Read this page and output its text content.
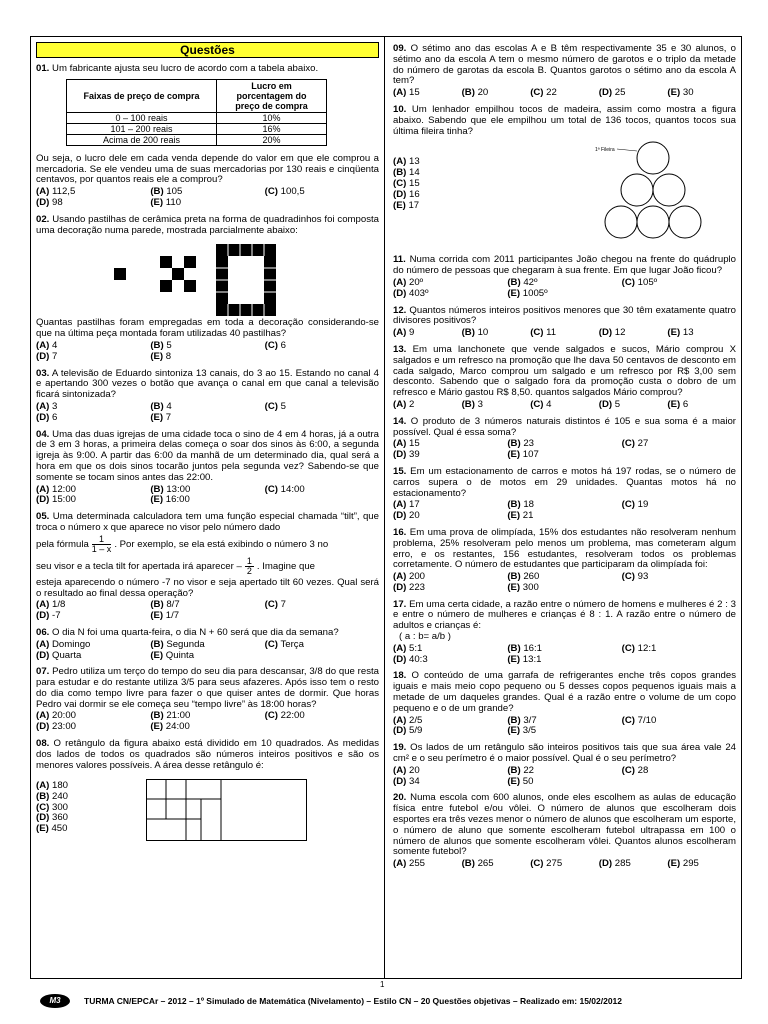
Questões
01. Um fabricante ajusta seu lucro de acordo com a tabela abaixo.
Faixas de preço de compra	Lucro em porcentagem do preço de compra
0 – 100 reais	10%
101 – 200 reais	16%
Acima de 200 reais	20%
Ou seja, o lucro dele em cada venda depende do valor em que ele comprou a mercadoria. Se ele vendeu uma de suas mercadorias por 130 reais e cinqüenta centavos, por quantos reais ele a comprou?
(A) 112,5	(B) 105	(C) 100,5
(D) 98	(E) 110
02. Usando pastilhas de cerâmica preta na forma de quadradinhos foi composta uma decoração numa parede, mostrada parcialmente abaixo:
Quantas pastilhas foram empregadas em toda a decoração considerando-se que na última peça montada foram utilizadas 40 pastilhas?
(A) 4	(B) 5	(C) 6
(D) 7	(E) 8
03. A televisão de Eduardo sintoniza 13 canais, do 3 ao 15. Estando no canal 4 e apertando 300 vezes o botão que avança o canal em que canal a televisão ficará sintonizada?
(A) 3	(B) 4	(C) 5
(D) 6	(E) 7
04. Uma das duas igrejas de uma cidade toca o sino de 4 em 4 horas, já a outra de 3 em 3 horas, a primeira delas começa o soar dos sinos às 6:00, a segunda igreja às 9:00. A partir das 6:00 da manhã de um determinado dia, qual será a hora em que os dois sinos tocarão juntos pela segunda vez? Sabendo-se que somente se tocam sinos antes das 22:00.
(A) 12:00	(B) 13:00	(C) 14:00
(D) 15:00	(E) 16:00
05. Uma determinada calculadora tem uma função especial chamada “tilt”, que troca o número x que aparece no visor pelo número dado
pela fórmula $\frac{1}{1 - x}$ . Por exemplo, se ela está exibindo o número 3 no
seu visor e a tecla tilt for apertada irá aparecer – $\frac{1}{2}$ . Imagine que
esteja aparecendo o número -7 no visor e seja apertado tilt 60 vezes. Qual será o resultado ao final dessa operação?
(A) 1/8	(B) 8/7	(C) 7
(D) -7	(E) 1/7
06. O dia N foi uma quarta-feira, o dia N + 60 será que dia da semana?
(A) Domingo	(B) Segunda	(C) Terça
(D) Quarta	(E) Quinta
07. Pedro utiliza um terço do tempo do seu dia para descansar, 3/8 do que resta para estudar e do restante utiliza 3/5 para seus afazeres. Após isso tem o resto do dia como tempo livre para fazer o que quiser antes de dormir. Que horas Pedro vai dormir se ele começa seu “tempo livre” às 18:00 horas?
(A) 20:00	(B) 21:00	(C) 22:00
(D) 23:00	(E) 24:00
08. O retângulo da figura abaixo está dividido em 10 quadrados. As medidas dos lados de todos os quadrados são números inteiros positivos e são os menores valores possíveis. A área desse retângulo é:
(A) 180
(B) 240
(C) 300
(D) 360
(E) 450
09. O sétimo ano das escolas A e B têm respectivamente 35 e 30 alunos, o sétimo ano da escola A tem o mesmo número de garotos e o triplo da metade do número de garotas da escola B. Quantos garotos o sétimo ano da escola A tem?
(A) 15	(B) 20	(C) 22	(D) 25	(E) 30
10. Um lenhador empilhou tocos de madeira, assim como mostra a figura abaixo. Sabendo que ele empilhou um total de 136 tocos, quantos tocos sua última fileira tinha?
(A) 13
(B) 14
(C) 15
(D) 16
(E) 17
1ª Fileira
11. Numa corrida com 2011 participantes João chegou na frente do quádruplo do número de pessoas que chegaram à sua frente. Em que lugar João ficou?
(A) 20º	(B) 42º	(C) 105º
(D) 403º	(E) 1005º
12. Quantos números inteiros positivos menores que 30 têm exatamente quatro divisores positivos?
(A) 9	(B) 10	(C) 11	(D) 12	(E) 13
13. Em uma lanchonete que vende salgados e sucos, Mário comprou X salgados e um refresco na promoção que lhe dava 50 centavos de desconto em cada salgado, Marco comprou um salgado e um refresco por R$ 3,00 sem desconto. Sabendo que o salgado fora da promoção custa o dobro de um refresco e Mário gastou R$ 8,50. quantos salgados Mário comprou?
(A) 2	(B) 3	(C) 4	(D) 5	(E) 6
14. O produto de 3 números naturais distintos é 105 e sua soma é a maior possível. Qual é essa soma?
(A) 15	(B) 23	(C) 27
(D) 39	(E) 107
15. Em um estacionamento de carros e motos há 197 rodas, se o número de carros supera o de motos em 29 unidades. Quantas motos há no estacionamento?
(A) 17	(B) 18	(C) 19
(D) 20	(E) 21
16. Em uma prova de olimpíada, 15% dos estudantes não resolveram nenhum problema, 25% resolveram pelo menos um problema, mas cometeram algum erro, e os restantes, 156 estudantes, resolveram todos os problemas corretamente. O número de estudantes que participaram da olimpíada foi:
(A) 200	(B) 260	(C) 93
(D) 223	(E) 300
17. Em uma certa cidade, a razão entre o número de homens e mulheres é 2 : 3 e entre o número de mulheres e crianças é 8 : 1. A razão entre o número de adultos e crianças é:
( a : b= a/b )
(A) 5:1	(B) 16:1	(C) 12:1
(D) 40:3	(E) 13:1
18. O conteúdo de uma garrafa de refrigerantes enche três copos grandes iguais e mais meio copo pequeno ou 5 desses copos pequenos iguais mais a metade de um daqueles grandes. Qual é a razão entre o volume de um copo pequeno e o de um grande?
(A) 2/5	(B) 3/7	(C) 7/10
(D) 5/9	(E) 3/5
19. Os lados de um retângulo são inteiros positivos tais que sua área vale 24 cm² e o seu perímetro é o maior possível. Qual é o seu perímetro?
(A) 20	(B) 22	(C) 28
(D) 34	(E) 50
20. Numa escola com 600 alunos, onde eles escolhem as aulas de educação física entre futebol e/ou vôlei. O número de alunos que escolheram dois esportes era três vezes menor o número de alunos que escolheram um esporte, o número de aluno que somente escolheram futebol ultrapassa em 100 o número de alunos que somente escolheram vôlei. Quantos alunos escolheram somente futebol?
(A) 255	(B) 265	(C) 275	(D) 285	(E) 295
1
M3	TURMA CN/EPCAr – 2012 – 1º Simulado de Matemática (Nivelamento) – Estilo CN – 20 Questões objetivas – Realizado em: 15/02/2012
